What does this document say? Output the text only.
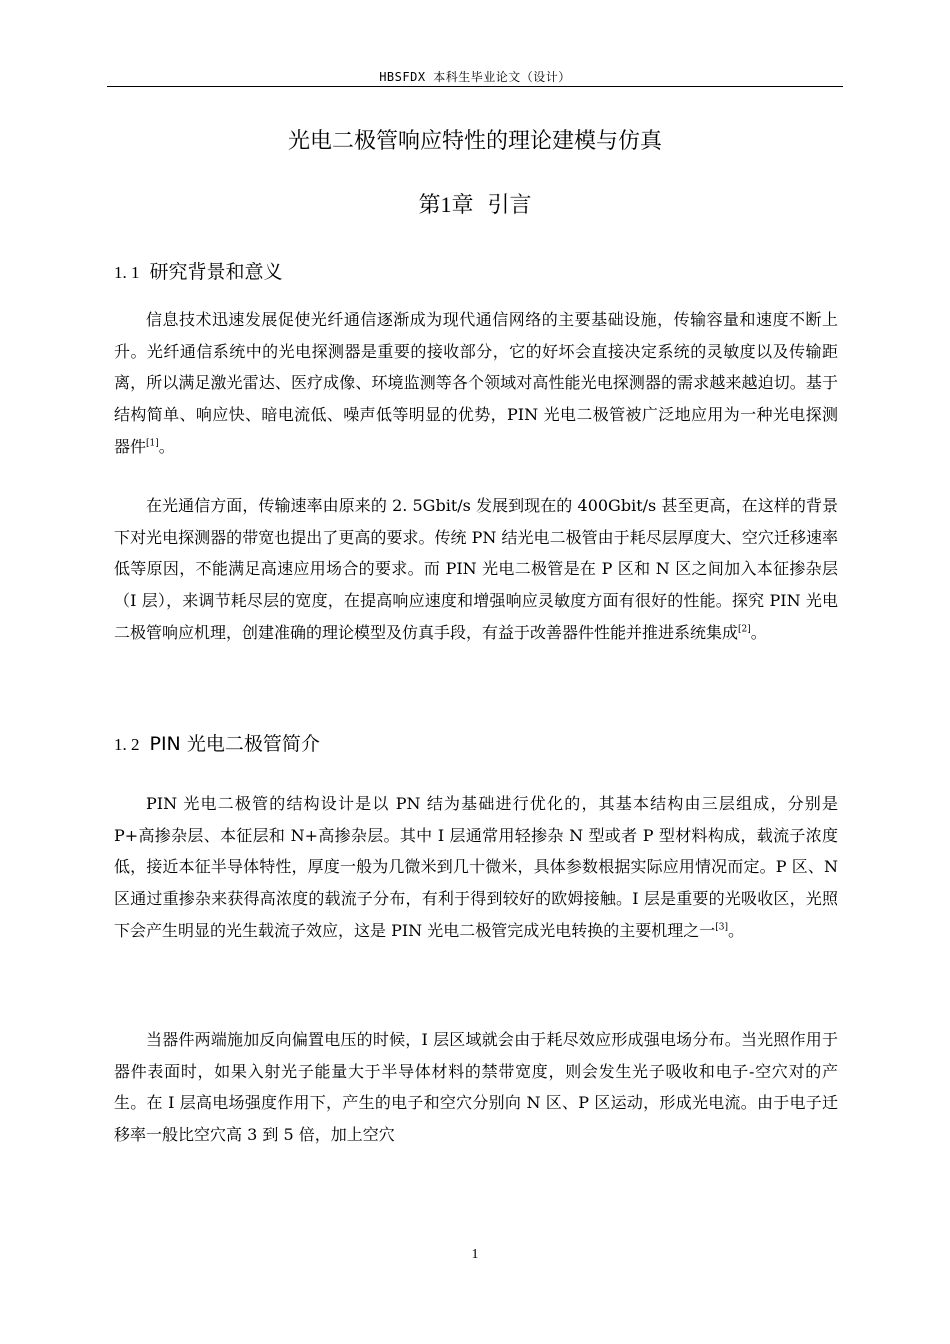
HBSFDX 本科生毕业论文（设计）
光电二极管响应特性的理论建模与仿真
第1章 引言
1. 1 研究背景和意义

信息技术迅速发展促使光纤通信逐渐成为现代通信网络的主要基础设施，传输容量和速度不断上升。光纤通信系统中的光电探测器是重要的接收部分，它的好坏会直接决定系统的灵敏度以及传输距离，所以满足激光雷达、医疗成像、环境监测等各个领域对高性能光电探测器的需求越来越迫切。基于结构简单、响应快、暗电流低、噪声低等明显的优势，PIN 光电二极管被广泛地应用为一种光电探测器件[1]。

在光通信方面，传输速率由原来的 2. 5Gbit/s 发展到现在的 400Gbit/s 甚至更高，在这样的背景下对光电探测器的带宽也提出了更高的要求。传统 PN 结光电二极管由于耗尽层厚度大、空穴迁移速率低等原因，不能满足高速应用场合的要求。而 PIN 光电二极管是在 P 区和 N 区之间加入本征掺杂层（I 层），来调节耗尽层的宽度，在提高响应速度和增强响应灵敏度方面有很好的性能。探究 PIN 光电二极管响应机理，创建准确的理论模型及仿真手段，有益于改善器件性能并推进系统集成[2]。

1. 2 PIN 光电二极管简介

PIN 光电二极管的结构设计是以 PN 结为基础进行优化的，其基本结构由三层组成，分别是 P+高掺杂层、本征层和 N+高掺杂层。其中 I 层通常用轻掺杂 N 型或者 P 型材料构成，载流子浓度低，接近本征半导体特性，厚度一般为几微米到几十微米，具体参数根据实际应用情况而定。P 区、N 区通过重掺杂来获得高浓度的载流子分布，有利于得到较好的欧姆接触。I 层是重要的光吸收区，光照下会产生明显的光生载流子效应，这是 PIN 光电二极管完成光电转换的主要机理之一[3]。

当器件两端施加反向偏置电压的时候，I 层区域就会由于耗尽效应形成强电场分布。当光照作用于器件表面时，如果入射光子能量大于半导体材料的禁带宽度，则会发生光子吸收和电子-空穴对的产生。在 I 层高电场强度作用下，产生的电子和空穴分别向 N 区、P 区运动，形成光电流。由于电子迁移率一般比空穴高 3 到 5 倍，加上空穴

1
